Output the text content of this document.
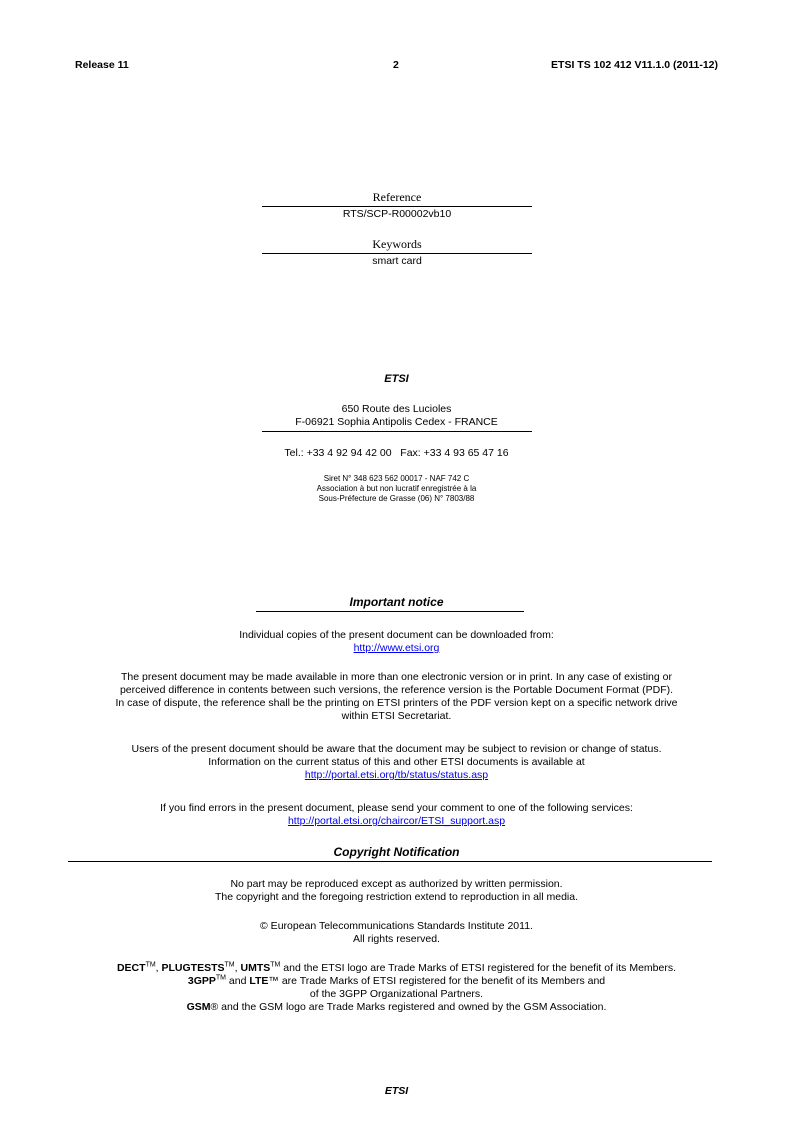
Release 11	2	ETSI TS 102 412 V11.1.0 (2011-12)
Reference
RTS/SCP-R00002vb10
Keywords
smart card
ETSI
650 Route des Lucioles
F-06921 Sophia Antipolis Cedex - FRANCE
Tel.: +33 4 92 94 42 00   Fax: +33 4 93 65 47 16
Siret N° 348 623 562 00017 - NAF 742 C
Association à but non lucratif enregistrée à la
Sous-Préfecture de Grasse (06) N° 7803/88
Important notice
Individual copies of the present document can be downloaded from:
http://www.etsi.org
The present document may be made available in more than one electronic version or in print. In any case of existing or
perceived difference in contents between such versions, the reference version is the Portable Document Format (PDF).
In case of dispute, the reference shall be the printing on ETSI printers of the PDF version kept on a specific network drive
within ETSI Secretariat.
Users of the present document should be aware that the document may be subject to revision or change of status.
Information on the current status of this and other ETSI documents is available at
http://portal.etsi.org/tb/status/status.asp
If you find errors in the present document, please send your comment to one of the following services:
http://portal.etsi.org/chaircor/ETSI_support.asp
Copyright Notification
No part may be reproduced except as authorized by written permission.
The copyright and the foregoing restriction extend to reproduction in all media.
© European Telecommunications Standards Institute 2011.
All rights reserved.
DECT™, PLUGTESTS™, UMTS™ and the ETSI logo are Trade Marks of ETSI registered for the benefit of its Members.
3GPP™ and LTE™ are Trade Marks of ETSI registered for the benefit of its Members and
of the 3GPP Organizational Partners.
GSM® and the GSM logo are Trade Marks registered and owned by the GSM Association.
ETSI
